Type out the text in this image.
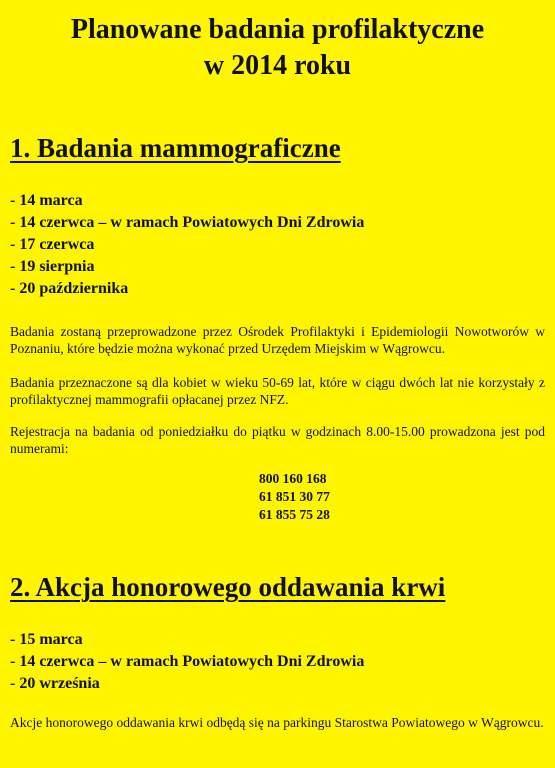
Planowane badania profilaktyczne
w 2014 roku
1. Badania mammograficzne
- 14 marca
- 14 czerwca – w ramach Powiatowych Dni Zdrowia
- 17 czerwca
- 19 sierpnia
- 20 października

Badania zostaną przeprowadzone przez Ośrodek Profilaktyki i Epidemiologii Nowotworów w Poznaniu, które będzie można wykonać przed Urzędem Miejskim w Wągrowcu.

Badania przeznaczone są dla kobiet w wieku 50-69 lat, które w ciągu dwóch lat nie korzystały z profilaktycznej mammografii opłacanej przez NFZ.

Rejestracja na badania od poniedziałku do piątku w godzinach 8.00-15.00 prowadzona jest pod numerami:

800 160 168
61 851 30 77
61 855 75 28
2. Akcja honorowego oddawania krwi
- 15 marca
- 14 czerwca – w ramach Powiatowych Dni Zdrowia
- 20 września

Akcje honorowego oddawania krwi odbędą się na parkingu Starostwa Powiatowego w Wągrowcu.
